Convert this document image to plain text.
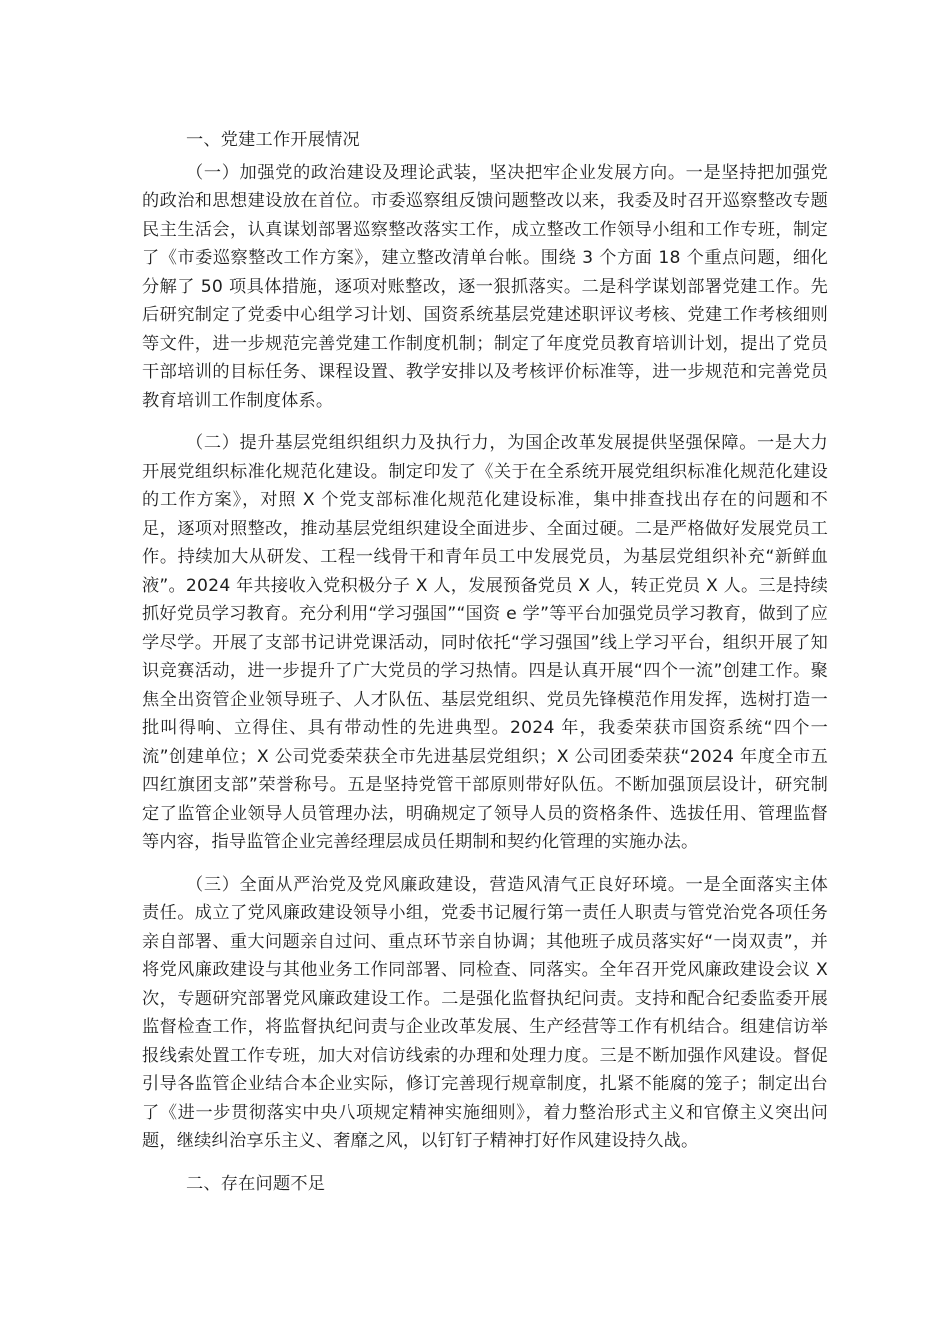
一、党建工作开展情况

（一）加强党的政治建设及理论武装，坚决把牢企业发展方向。一是坚持把加强党的政治和思想建设放在首位。市委巡察组反馈问题整改以来，我委及时召开巡察整改专题民主生活会，认真谋划部署巡察整改落实工作，成立整改工作领导小组和工作专班，制定了《市委巡察整改工作方案》，建立整改清单台帐。围绕 3 个方面 18 个重点问题，细化分解了 50 项具体措施，逐项对账整改，逐一狠抓落实。二是科学谋划部署党建工作。先后研究制定了党委中心组学习计划、国资系统基层党建述职评议考核、党建工作考核细则等文件，进一步规范完善党建工作制度机制；制定了年度党员教育培训计划，提出了党员干部培训的目标任务、课程设置、教学安排以及考核评价标准等，进一步规范和完善党员教育培训工作制度体系。

（二）提升基层党组织组织力及执行力，为国企改革发展提供坚强保障。一是大力开展党组织标准化规范化建设。制定印发了《关于在全系统开展党组织标准化规范化建设的工作方案》，对照 X 个党支部标准化规范化建设标准，集中排查找出存在的问题和不足，逐项对照整改，推动基层党组织建设全面进步、全面过硬。二是严格做好发展党员工作。持续加大从研发、工程一线骨干和青年员工中发展党员，为基层党组织补充“新鲜血液”。2024 年共接收入党积极分子 X 人，发展预备党员 X 人，转正党员 X 人。三是持续抓好党员学习教育。充分利用“学习强国”“国资 e 学”等平台加强党员学习教育，做到了应学尽学。开展了支部书记讲党课活动，同时依托“学习强国”线上学习平台，组织开展了知识竞赛活动，进一步提升了广大党员的学习热情。四是认真开展“四个一流”创建工作。聚焦全出资管企业领导班子、人才队伍、基层党组织、党员先锋模范作用发挥，选树打造一批叫得响、立得住、具有带动性的先进典型。2024 年，我委荣获市国资系统“四个一流”创建单位；X 公司党委荣获全市先进基层党组织；X 公司团委荣获“2024 年度全市五四红旗团支部”荣誉称号。五是坚持党管干部原则带好队伍。不断加强顶层设计，研究制定了监管企业领导人员管理办法，明确规定了领导人员的资格条件、选拔任用、管理监督等内容，指导监管企业完善经理层成员任期制和契约化管理的实施办法。

（三）全面从严治党及党风廉政建设，营造风清气正良好环境。一是全面落实主体责任。成立了党风廉政建设领导小组，党委书记履行第一责任人职责与管党治党各项任务亲自部署、重大问题亲自过问、重点环节亲自协调；其他班子成员落实好“一岗双责”，并将党风廉政建设与其他业务工作同部署、同检查、同落实。全年召开党风廉政建设会议 X 次，专题研究部署党风廉政建设工作。二是强化监督执纪问责。支持和配合纪委监委开展监督检查工作，将监督执纪问责与企业改革发展、生产经营等工作有机结合。组建信访举报线索处置工作专班，加大对信访线索的办理和处理力度。三是不断加强作风建设。督促引导各监管企业结合本企业实际，修订完善现行规章制度，扎紧不能腐的笼子；制定出台了《进一步贯彻落实中央八项规定精神实施细则》，着力整治形式主义和官僚主义突出问题，继续纠治享乐主义、奢靡之风，以钉钉子精神打好作风建设持久战。

二、存在问题不足
